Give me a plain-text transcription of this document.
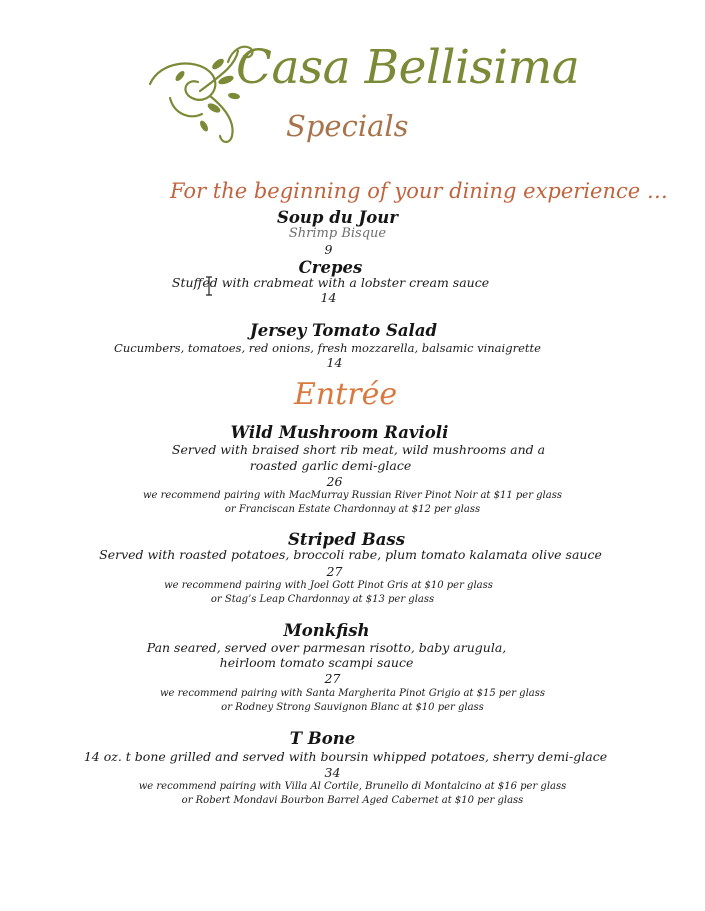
Casa Bellisima
Specials
For the beginning of your dining experience …
Soup du Jour
Shrimp Bisque
9
Crepes
Stuffed with crabmeat with a lobster cream sauce
14
Jersey Tomato Salad
Cucumbers, tomatoes, red onions, fresh mozzarella, balsamic vinaigrette
14
Entrée
Wild Mushroom Ravioli
Served with braised short rib meat, wild mushrooms and a
roasted garlic demi-glace
26
we recommend pairing with MacMurray Russian River Pinot Noir at $11 per glass
or Franciscan Estate Chardonnay at $12 per glass
Striped Bass
Served with roasted potatoes, broccoli rabe, plum tomato kalamata olive sauce
27
we recommend pairing with Joel Gott Pinot Gris at $10 per glass
or Stag’s Leap Chardonnay at $13 per glass
Monkfish
Pan seared, served over parmesan risotto, baby arugula,
heirloom tomato scampi sauce
27
we recommend pairing with Santa Margherita Pinot Grigio at $15 per glass
or Rodney Strong Sauvignon Blanc at $10 per glass
T Bone
14 oz. t bone grilled and served with boursin whipped potatoes, sherry demi-glace
34
we recommend pairing with Villa Al Cortile, Brunello di Montalcino at $16 per glass
or Robert Mondavi Bourbon Barrel Aged Cabernet at $10 per glass
